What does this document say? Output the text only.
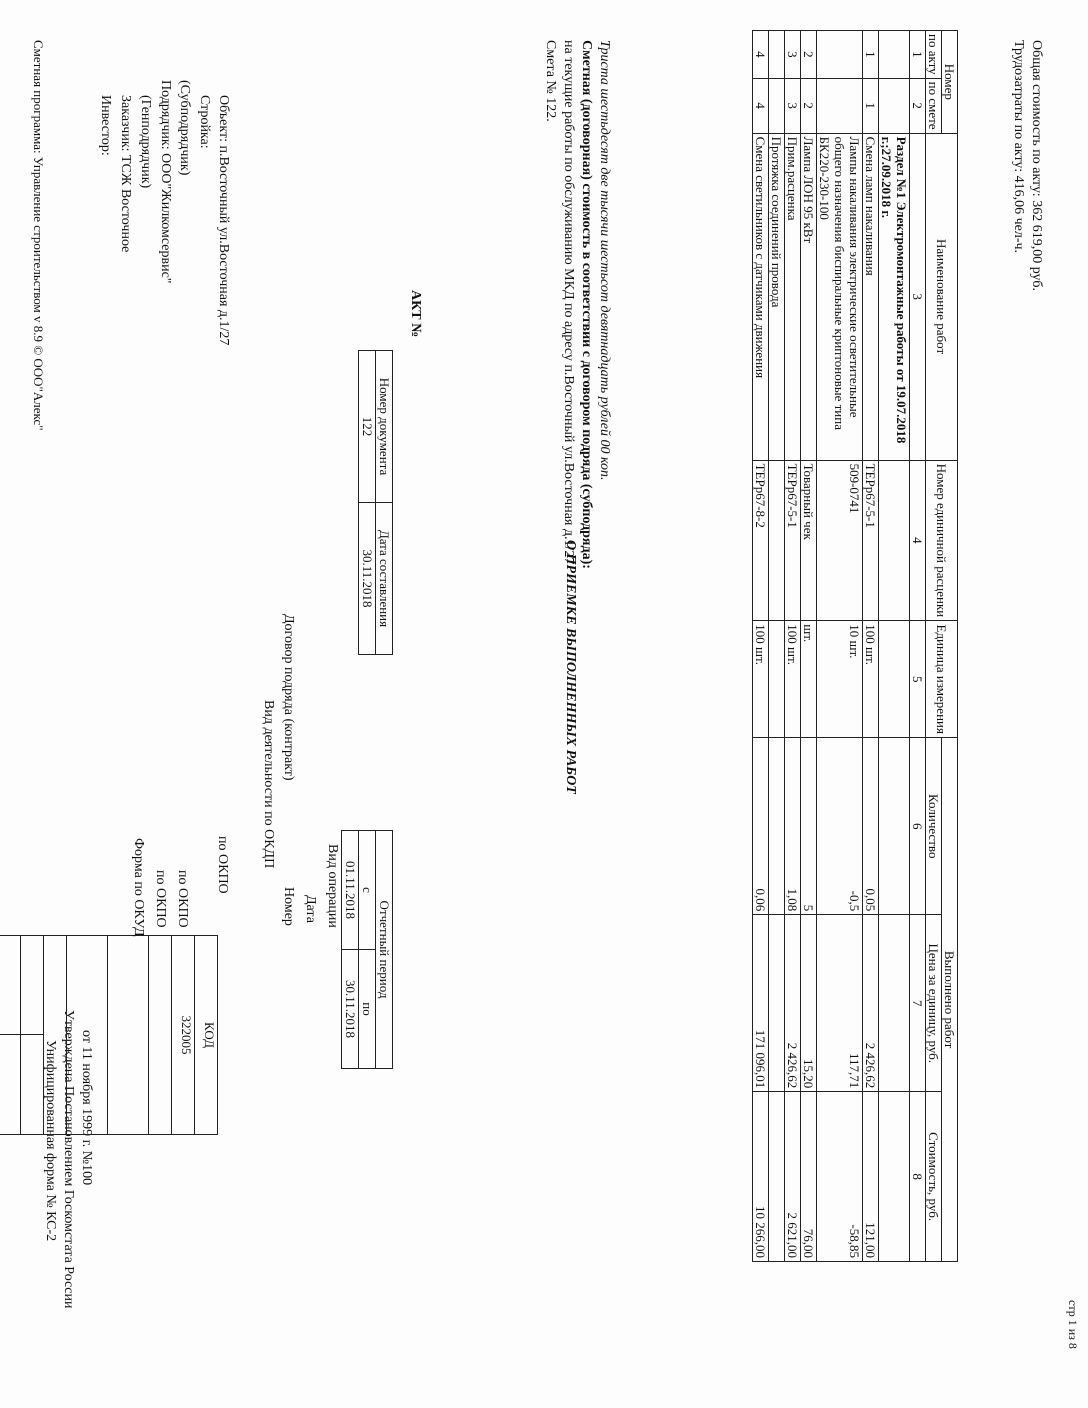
Сметная программа: Управление строительством v 8.9 © ООО"Алекс"
Унифицированная форма № КС-2 Утверждена Постановлением Госкомстата России от 11 ноября 1999 г. №100
Инвестор: Заказчик: ТСЖ Восточное (Генподрядчик) Подрядчик: ООО"Жилкомсервис" (Субподрядчик) Стройка: Объект: п.Восточный ул.Восточная д.1/27
КОД
322005

Форма по ОКУД по ОКПО по ОКПО
по ОКПО Вид деятельности по ОКДП
Договор подряда (контракт)
Номер Дата Вид операции
Номер документа	Дата составления
122	30.11.2018
Отчетный период	
с	по
01.11.2018	30.11.2018
АКТ №
О ПРИЕМКЕ ВЫПОЛНЕННЫХ РАБОТ
Смета № 122. на текущие работы по обслуживанию МКД по адресу п.Восточный ул.Восточная д.1/27 Сметная (договорная) стоимость в соответствии с договором подряда (субподряда): Триста шестьдесят две тысячи шестьсот девятнадцать рублей 00 коп.	Номер		Наименование работ	Номер единичной расценки	Единица измерения	Выполнено работ		
по акту	по смете				Количество	Цена за единицу, руб.	Стоимость, руб.
1	2	3	4	5	6	7	8
		Раздел №1 Электромонтажные работы от 19.07.2018 г.;27.09.2018 г.					
1	1	Смена ламп накаливания	ТЕРр67-5-1	100 шт.	0,05	2 426,62	121,00
		Лампы накаливания электрические осветительные общего назначения биспиральные криптоновые типа БК220-230-100	509-0741	10 шт.	-0,5	117,71	-58,85
2	2	Лампа ЛОН 95 кВт	Товарный чек	шт.	5	15,20	76,00
3	3	Прим.расценка	ТЕРр67-5-1	100 шт.	1,08	2 426,62	2 621,00
		Протяжка соединений провода					
4	4	Смена светильников с датчиками движения	ТЕРр67-8-2	100 шт.	0,06	171 096,01	10 266,00
Трудозатраты по акту: 416,06 чел-ч. Общая стоимость по акту: 362 619,00 руб.
стр 1 из 8
